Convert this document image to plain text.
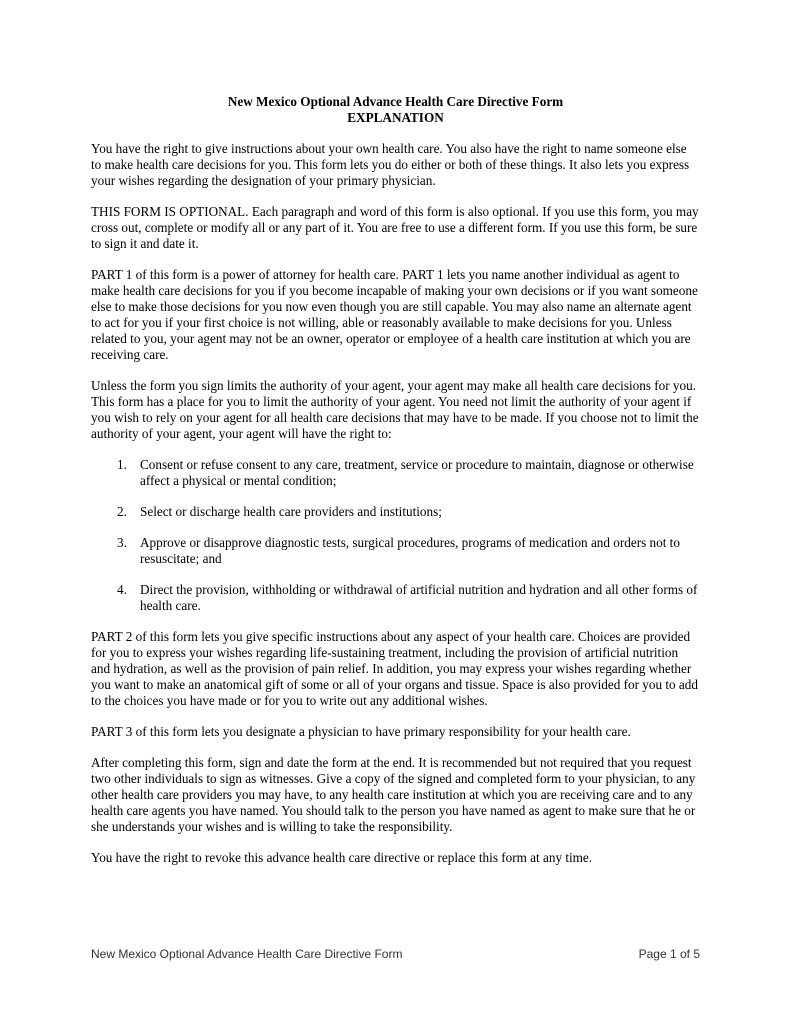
New Mexico Optional Advance Health Care Directive Form
EXPLANATION

You have the right to give instructions about your own health care. You also have the right to name someone else to make health care decisions for you. This form lets you do either or both of these things. It also lets you express your wishes regarding the designation of your primary physician.

THIS FORM IS OPTIONAL. Each paragraph and word of this form is also optional. If you use this form, you may cross out, complete or modify all or any part of it. You are free to use a different form. If you use this form, be sure to sign it and date it.

PART 1 of this form is a power of attorney for health care. PART 1 lets you name another individual as agent to make health care decisions for you if you become incapable of making your own decisions or if you want someone else to make those decisions for you now even though you are still capable. You may also name an alternate agent to act for you if your first choice is not willing, able or reasonably available to make decisions for you. Unless related to you, your agent may not be an owner, operator or employee of a health care institution at which you are receiving care.

Unless the form you sign limits the authority of your agent, your agent may make all health care decisions for you. This form has a place for you to limit the authority of your agent. You need not limit the authority of your agent if you wish to rely on your agent for all health care decisions that may have to be made. If you choose not to limit the authority of your agent, your agent will have the right to:

1. Consent or refuse consent to any care, treatment, service or procedure to maintain, diagnose or otherwise affect a physical or mental condition;
2. Select or discharge health care providers and institutions;
3. Approve or disapprove diagnostic tests, surgical procedures, programs of medication and orders not to resuscitate; and
4. Direct the provision, withholding or withdrawal of artificial nutrition and hydration and all other forms of health care.

PART 2 of this form lets you give specific instructions about any aspect of your health care. Choices are provided for you to express your wishes regarding life-sustaining treatment, including the provision of artificial nutrition and hydration, as well as the provision of pain relief. In addition, you may express your wishes regarding whether you want to make an anatomical gift of some or all of your organs and tissue. Space is also provided for you to add to the choices you have made or for you to write out any additional wishes.

PART 3 of this form lets you designate a physician to have primary responsibility for your health care.

After completing this form, sign and date the form at the end. It is recommended but not required that you request two other individuals to sign as witnesses. Give a copy of the signed and completed form to your physician, to any other health care providers you may have, to any health care institution at which you are receiving care and to any health care agents you have named. You should talk to the person you have named as agent to make sure that he or she understands your wishes and is willing to take the responsibility.

You have the right to revoke this advance health care directive or replace this form at any time.

New Mexico Optional Advance Health Care Directive Form	Page 1 of 5
